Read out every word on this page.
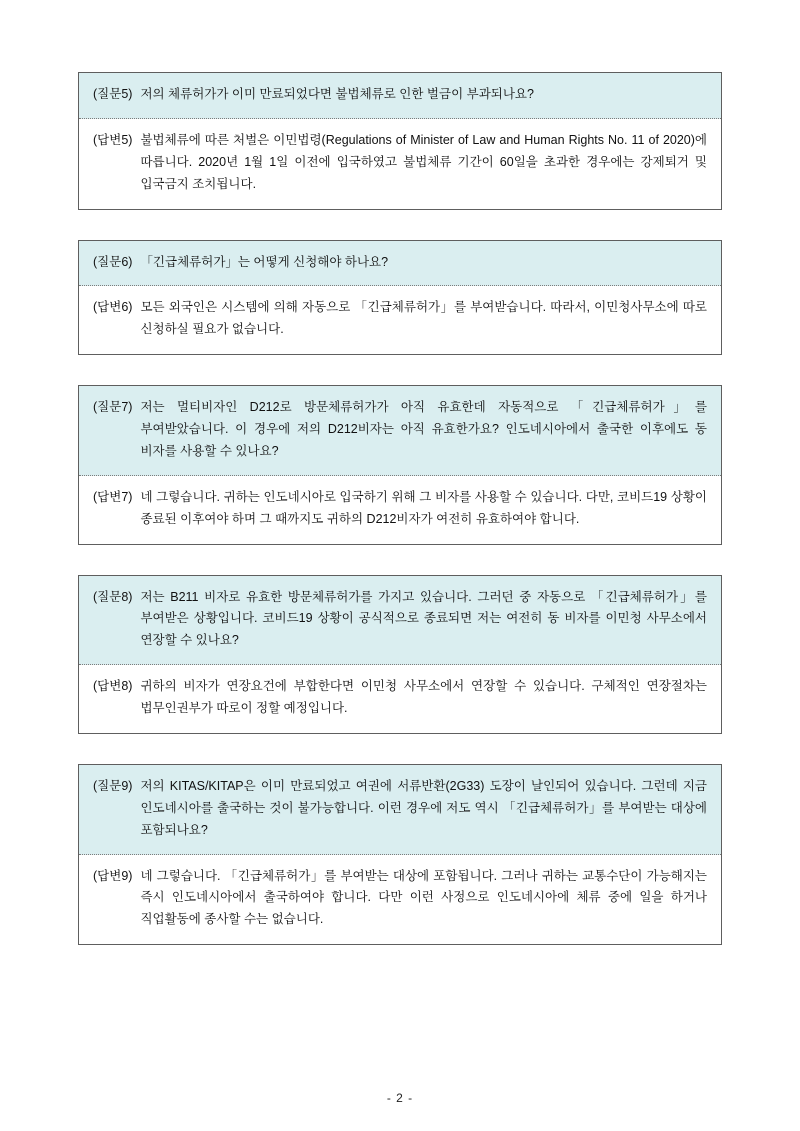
(질문5) 저의 체류허가가 이미 만료되었다면 불법체류로 인한 벌금이 부과되나요?
(답변5) 불법체류에 따른 처벌은 이민법령(Regulations of Minister of Law and Human Rights No. 11 of 2020)에 따릅니다. 2020년 1월 1일 이전에 입국하였고 불법체류 기간이 60일을 초과한 경우에는 강제퇴거 및 입국금지 조치됩니다.
(질문6) 「긴급체류허가」는 어떻게 신청해야 하나요?
(답변6) 모든 외국인은 시스템에 의해 자동으로 「긴급체류허가」를 부여받습니다. 따라서, 이민청사무소에 따로 신청하실 필요가 없습니다.
(질문7) 저는 멀티비자인 D212로 방문체류허가가 아직 유효한데 자동적으로 「긴급체류허가」를 부여받았습니다. 이 경우에 저의 D212비자는 아직 유효한가요? 인도네시아에서 출국한 이후에도 동 비자를 사용할 수 있나요?
(답변7) 네 그렇습니다. 귀하는 인도네시아로 입국하기 위해 그 비자를 사용할 수 있습니다. 다만, 코비드19 상황이 종료된 이후여야 하며 그 때까지도 귀하의 D212비자가 여전히 유효하여야 합니다.
(질문8) 저는 B211 비자로 유효한 방문체류허가를 가지고 있습니다. 그러던 중 자동으로 「긴급체류허가」를 부여받은 상황입니다. 코비드19 상황이 공식적으로 종료되면 저는 여전히 동 비자를 이민청 사무소에서 연장할 수 있나요?
(답변8) 귀하의 비자가 연장요건에 부합한다면 이민청 사무소에서 연장할 수 있습니다. 구체적인 연장절차는 법무인권부가 따로이 정할 예정입니다.
(질문9) 저의 KITAS/KITAP은 이미 만료되었고 여권에 서류반환(2G33) 도장이 날인되어 있습니다. 그런데 지금 인도네시아를 출국하는 것이 불가능합니다. 이런 경우에 저도 역시 「긴급체류허가」를 부여받는 대상에 포함되나요?
(답변9) 네 그렇습니다. 「긴급체류허가」를 부여받는 대상에 포함됩니다. 그러나 귀하는 교통수단이 가능해지는 즉시 인도네시아에서 출국하여야 합니다. 다만 이런 사정으로 인도네시아에 체류 중에 일을 하거나 직업활동에 종사할 수는 없습니다.
- 2 -
